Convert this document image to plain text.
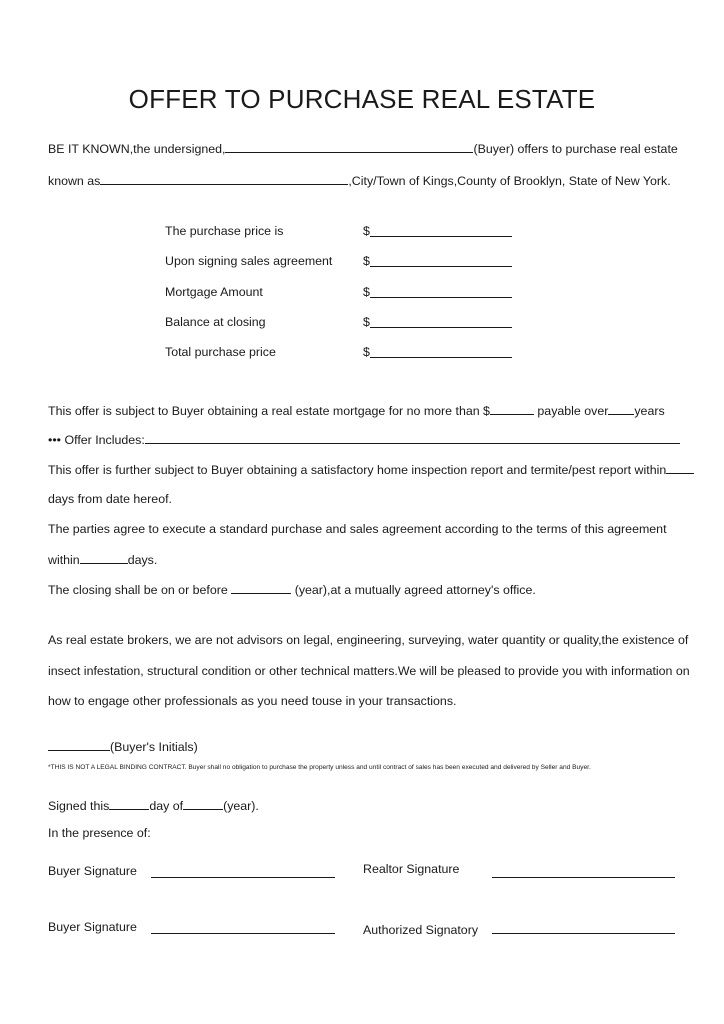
OFFER TO PURCHASE REAL ESTATE
BE IT KNOWN,the undersigned,	(Buyer) offers to purchase real estate
known as	,City/Town of Kings,County of Brooklyn, State of New York.
The purchase price is	$
Upon signing sales agreement $
Mortgage Amount	$
Balance at closing	$
Total purchase price	$
This offer is subject to Buyer obtaining a real estate mortgage for no more than $	payable over years
••• Offer Includes:
This offer is further subject to Buyer obtaining a satisfactory home inspection report and termite/pest report within
days from date hereof.
The parties agree to execute a standard purchase and sales agreement according to the terms of this agreement
within	days.
The closing shall be on or before	(year),at a mutually agreed attorney's office.
As real estate brokers, we are not advisors on legal, engineering, surveying, water quantity or quality,the existence of
insect infestation, structural condition or other technical matters.We will be pleased to provide you with information on
how to engage other professionals as you need touse in your transactions.
(Buyer's Initials)
*THIS IS NOT A LEGAL BINDING CONTRACT. Buyer shall no obligation to purchase the property unless and until contract of sales has been executed and delivered by Seller and Buyer.
Signed this	day of	(year).
In the presence of:
Buyer Signature	Realtor Signature
Buyer Signature	Authorized Signatory
